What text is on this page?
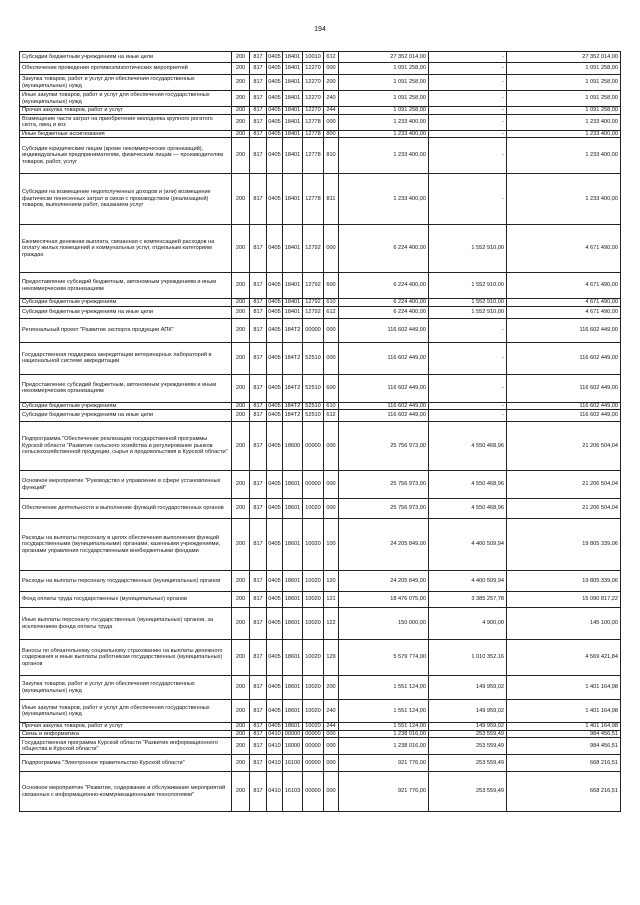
194
Субсидии бюджетным учреждениям на иные цели	200	817	0405	18401	10010	612	27 352 014,00	-	27 352 014,00
Обеспечение проведения противоэпизоотических мероприятий	200	817	0405	18401	12270	000	1 091 258,00	-	1 091 258,00
Закупка товаров, работ и услуг для обеспечения государственных (муниципальных) нужд	200	817	0405	18401	12270	200	1 091 258,00	-	1 091 258,00
Иные закупки товаров, работ и услуг для обеспечения государственных (муниципальных) нужд	200	817	0405	18401	12270	240	1 091 258,00	-	1 091 258,00
Прочая закупка товаров, работ и услуг	200	817	0405	18401	12270	244	1 091 258,00	-	1 091 258,00
Возмещение части затрат на приобретение молодняка крупного рогатого скота, овец и коз	200	817	0405	18401	12778	000	1 233 400,00	-	1 233 400,00
Иные бюджетные ассигнования	200	817	0405	18401	12778	800	1 233 400,00	-	1 233 400,00
Субсидии юридическим лицам (кроме некоммерческих организаций), индивидуальным предпринимателям, физическим лицам — производителям товаров, работ, услуг	200	817	0405	18401	12778	810	1 233 400,00	-	1 233 400,00
Субсидии на возмещение недополученных доходов и (или) возмещение фактически понесенных затрат в связи с производством (реализацией) товаров, выполнением работ, оказанием услуг	200	817	0405	18401	12778	811	1 233 400,00	-	1 233 400,00
Ежемесячная денежная выплата, связанная с компенсацией расходов на оплату жилых помещений и коммунальных услуг, отдельным категориям граждан	200	817	0405	18401	12792	000	6 224 400,00	1 552 910,00	4 671 490,00
Предоставление субсидий бюджетным, автономным учреждениям и иным некоммерческим организациям	200	817	0405	18401	12792	600	6 224 400,00	1 552 910,00	4 671 490,00
Субсидии бюджетным учреждениям	200	817	0405	18401	12792	610	6 224 400,00	1 552 910,00	4 671 490,00
Субсидии бюджетным учреждениям на иные цели	200	817	0405	18401	12792	612	6 224 400,00	1 552 910,00	4 671 490,00
Региональный проект "Развитие экспорта продукции АПК"	200	817	0405	184T2	00000	000	116 602 449,00	-	116 602 449,00
Государственная поддержка аккредитации ветеринарных лабораторий в национальной системе аккредитации	200	817	0405	184T2	52510	000	116 602 449,00	-	116 602 449,00
Предоставление субсидий бюджетным, автономным учреждениям и иным некоммерческим организациям	200	817	0405	184T2	52510	600	116 602 449,00	-	116 602 449,00
Субсидии бюджетным учреждениям	200	817	0405	184T2	52510	610	116 602 449,00	-	116 602 449,00
Субсидии бюджетным учреждениям на иные цели	200	817	0405	184T2	52510	612	116 602 449,00	-	116 602 449,00
Подпрограмма "Обеспечение реализации государственной программы Курской области "Развитие сельского хозяйства и регулирование рынков сельскохозяйственной продукции, сырья и продовольствия в Курской области"	200	817	0405	18600	00000	000	25 756 973,00	4 550 468,96	21 206 504,04
Основное мероприятие "Руководство и управление в сфере установленных функций"	200	817	0405	18601	00000	000	25 756 973,00	4 550 468,96	21 206 504,04
Обеспечение деятельности и выполнение функций государственных органов	200	817	0405	18601	10020	000	25 756 973,00	4 550 468,96	21 206 504,04
Расходы на выплаты персоналу в целях обеспечения выполнения функций государственными (муниципальными) органами, казенными учреждениями, органами управления государственными внебюджетными фондами	200	817	0405	18601	10020	100	24 205 849,00	4 400 509,94	19 805 339,06
Расходы на выплаты персоналу государственных (муниципальных) органов	200	817	0405	18601	10020	120	24 205 849,00	4 400 509,94	19 805 339,06
Фонд оплаты труда государственных (муниципальных) органов	200	817	0405	18601	10020	121	18 476 075,00	3 385 257,78	15 090 817,22
Иные выплаты персоналу государственных (муниципальных) органов, за исключением фонда оплаты труда	200	817	0405	18601	10020	122	150 000,00	4 900,00	145 100,00
Взносы по обязательному социальному страхованию на выплаты денежного содержания и иные выплаты работникам государственных (муниципальных) органов	200	817	0405	18601	10020	129	5 579 774,00	1 010 352,16	4 569 421,84
Закупка товаров, работ и услуг для обеспечения государственных (муниципальных) нужд	200	817	0405	18601	10020	200	1 551 124,00	149 959,02	1 401 164,98
Иные закупки товаров, работ и услуг для обеспечения государственных (муниципальных) нужд	200	817	0405	18601	10020	240	1 551 124,00	149 959,02	1 401 164,98
Прочая закупка товаров, работ и услуг	200	817	0405	18601	10020	244	1 551 124,00	149 959,02	1 401 164,98
Связь и информатика	200	817	0410	00000	00000	000	1 238 016,00	253 559,49	984 456,51
Государственная программа Курской области "Развитие информационного общества в Курской области"	200	817	0410	16000	00000	000	1 238 016,00	253 559,49	984 456,51
Подпрограмма "Электронное правительство Курской области"	200	817	0410	16100	00000	000	921 776,00	253 559,49	668 216,51
Основное мероприятие "Развитие, содержание и обслуживание мероприятий связанных с информационно-коммуникационными технологиями"	200	817	0410	16103	00000	000	921 776,00	253 559,49	668 216,51
